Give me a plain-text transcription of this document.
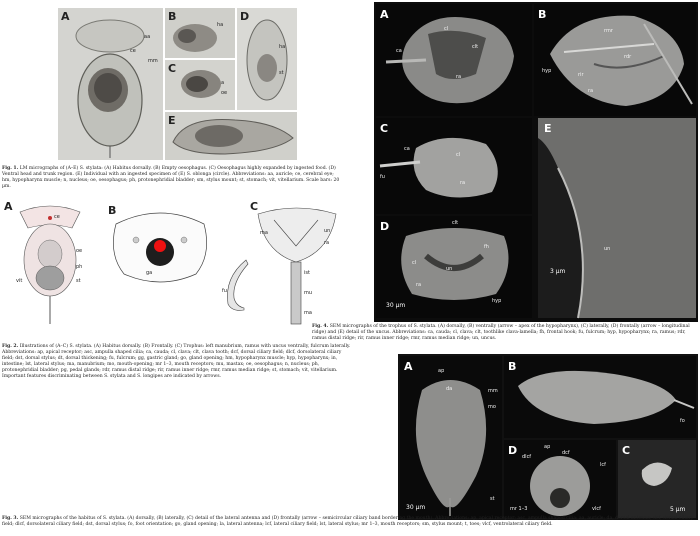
A
aa
ce
mm
B
ha
C
a
oe
D
ha
st
E
Fig. 1. LM micrographs of (A–E) S. stylata: (A) Habitus dorsally. (B) Empty oesophagus. (C) Oesophagus highly expanded by ingested food. (D) Ventral head and trunk region. (E) Individual with an ingested specimen of (E) S. oblonga (circle). Abbreviations: aa, auricle; ce, cerebral eye; hm, hypopharynx muscle; n, nucleus; oe, oesophagus; ph, protonephridial bladder; sm, stylus mount; st, stomach; vit, vitellarium. Scale bars: 20 µm.
A
ce
oe
ph
st
vit
B
ga
fu
C
ma	un
ra
ist
mu
ma
Fig. 2. Illustrations of (A–C) S. stylata. (A) Habitus dorsally. (B) Frontally. (C) Trophus: left manubrium, ramus with uncus ventrally, fulcrum laterally. Abbreviations: ap, apical receptor; asc, ampulla shaped cilia; ca, cauda; cl, clava; clt, clava tooth; dcf, dorsal ciliary field; dlcf, dorsolateral ciliary field; dst, dorsal stylus; dt, dorsal thickening; fu, fulcrum; gg, gastric gland; go, gland opening; hm, hypopharynx muscle; hyp, hypopharynx; in, intestine; lst, lateral stylus; ma, manubrium; mo, mouth-opening; mr 1–3, mouth receptors; mu, mastax; oe, oesophagus; n, nucleus; ph, protonephridial bladder; pg, pedal glands; rdr, ramus distal ridge; rir, ramus inner ridge; rmr, ramus median ridge; st, stomach; vit, vitellarium. Important features discriminating between S. stylata and S. longipes are indicated by arrows.
A
ca
cl
clt
ra
B
rmr
hyp
rir
rdr
ra
C
ca
fu
cl
ra
D	clt
fh
cl
un
ra
hyp
30 µm
E
un
3 µm
Fig. 4. SEM micrographs of the trophus of S. stylata. (A) dorsally, (B) ventrally (arrow – apex of the hypopharynx), (C) laterally, (D) frontally (arrow – longitudinal ridge) and (E) detail of the uncus. Abbreviations: ca, cauda; cl, clava; clt, toothlike clava-lamella; fh, frontal hook; fu, fulcrum; hyp, hypopharynx; ra, ramus; rdr, ramus distal ridge; rir, ramus inner ridge; rmr, ramus median ridge; un, uncus.
A	ap
da	mm
mo
st
30 µm
B
fo
D	ap
dlcf
dcf
lcf
vlcf
mr 1–3
C
5 µm
Fig. 3. SEM micrographs of the habitus of S. stylata. (A) dorsally, (B) laterally, (C) detail of the lateral antenna and (D) frontally (arrow – semicircular ciliary band bordering the mouth). Abbreviations: ap, apical receptor; asc, ampulla shaped cilia; aa, auricle; da, dorsal antenna; dcf, dorsal ciliary field; dlcf, dorsolateral ciliary field; dst, dorsal stylus; fo, foot orientation; go, gland opening; la, lateral antenna; lcf, lateral ciliary field; lst, lateral stylus; mr 1–3, mouth receptors; sm, stylus mount; t, toes; vlcf, ventrolateral ciliary field.
